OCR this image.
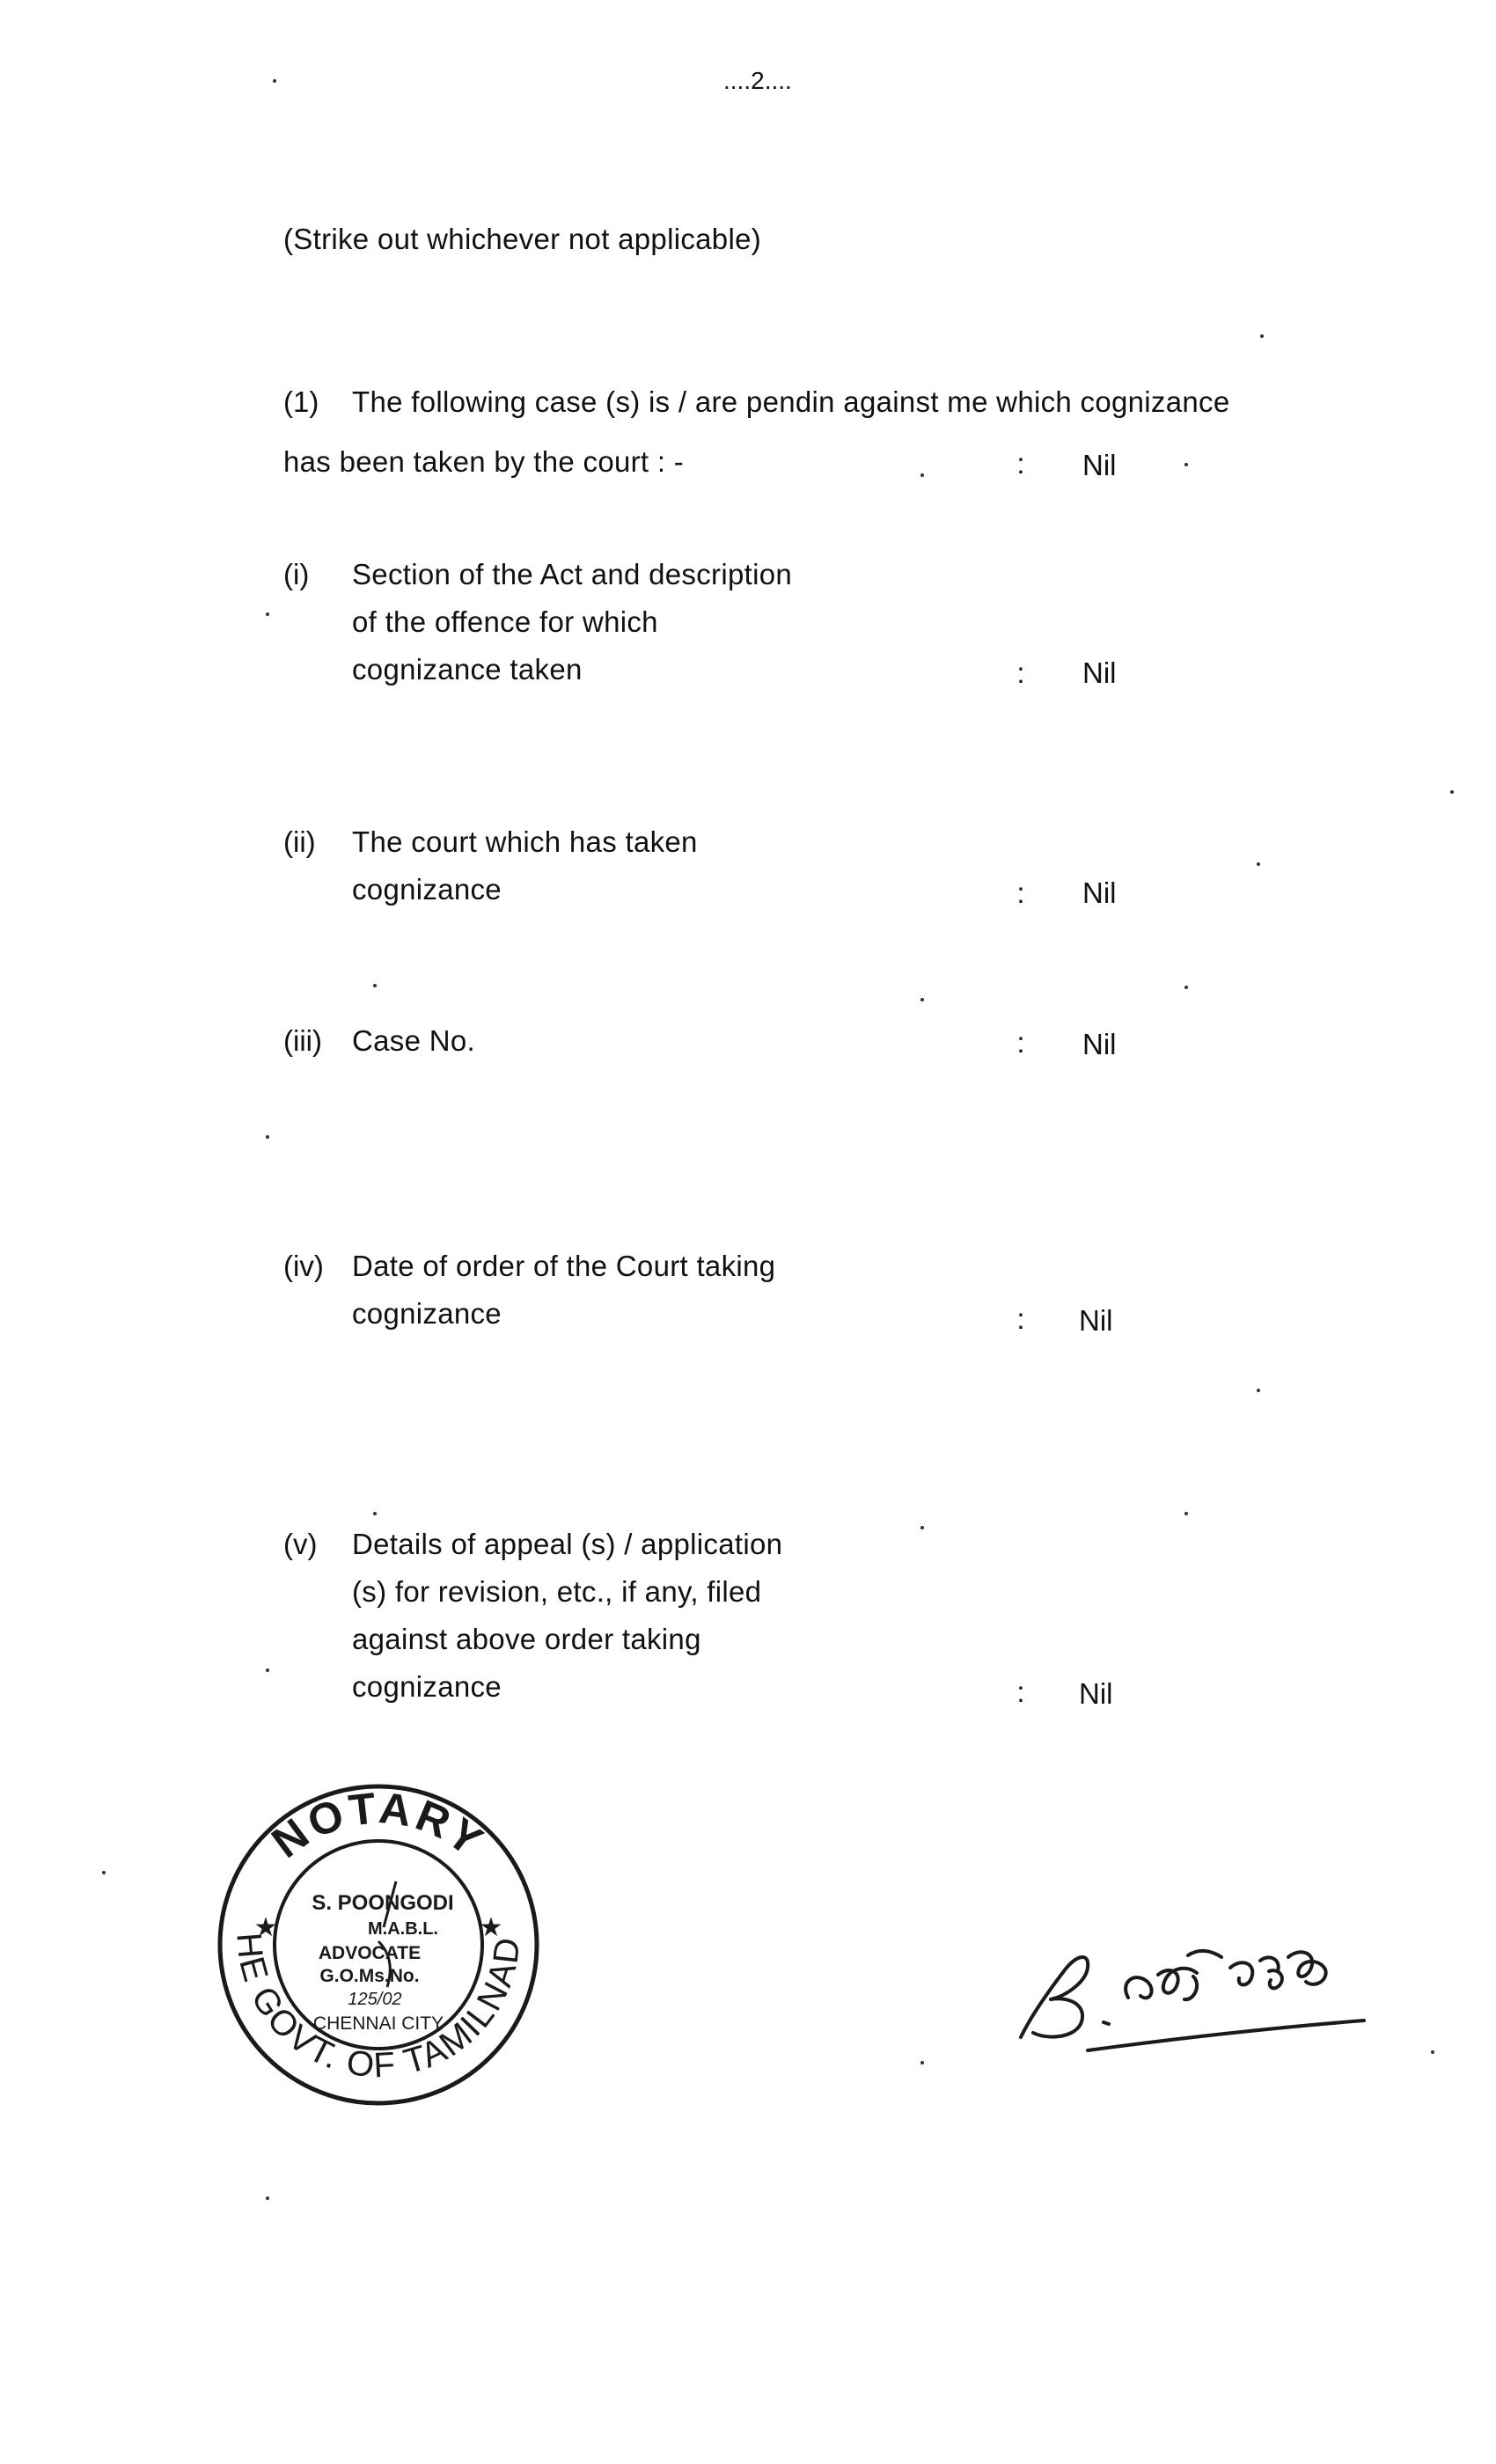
....2....
(Strike out whichever not applicable)
(1) The following case (s) is / are pendin against me which cognizance
has been taken by the court : -	: Nil
(i) Section of the Act and description
of the offence for which
cognizance taken	: Nil
(ii) The court which has taken
cognizance	: Nil
(iii) Case No.	: Nil
(iv) Date of order of the Court taking
cognizance	: Nil
(v) Details of appeal (s) / application
(s) for revision, etc., if any, filed
against above order taking
cognizance	: Nil
NOTARY
THE GOVT. OF TAMILNADU
★	★
S. POONGODI
M.A.B.L.
ADVOCATE
G.O.Ms.No.
125/02
CHENNAI CITY
